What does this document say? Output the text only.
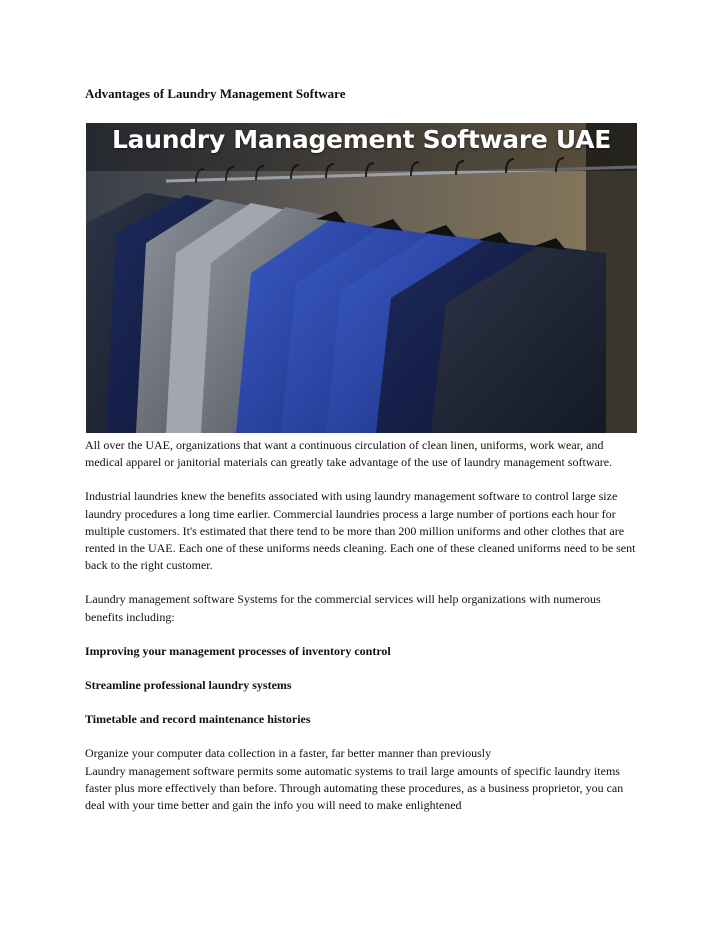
Advantages of Laundry Management Software
Laundry Management Software UAE

All over the UAE, organizations that want a continuous circulation of clean linen, uniforms, work wear, and medical apparel or janitorial materials can greatly take advantage of the use of laundry management software.

Industrial laundries knew the benefits associated with using laundry management software to control large size laundry procedures a long time earlier. Commercial laundries process a large number of portions each hour for multiple customers. It's estimated that there tend to be more than 200 million uniforms and other clothes that are rented in the UAE. Each one of these uniforms needs cleaning. Each one of these cleaned uniforms need to be sent back to the right customer.

Laundry management software Systems for the commercial services will help organizations with numerous benefits including:

Improving your management processes of inventory control

Streamline professional laundry systems

Timetable and record maintenance histories

Organize your computer data collection in a faster, far better manner than previously

Laundry management software permits some automatic systems to trail large amounts of specific laundry items faster plus more effectively than before. Through automating these procedures, as a business proprietor, you can deal with your time better and gain the info you will need to make enlightened
